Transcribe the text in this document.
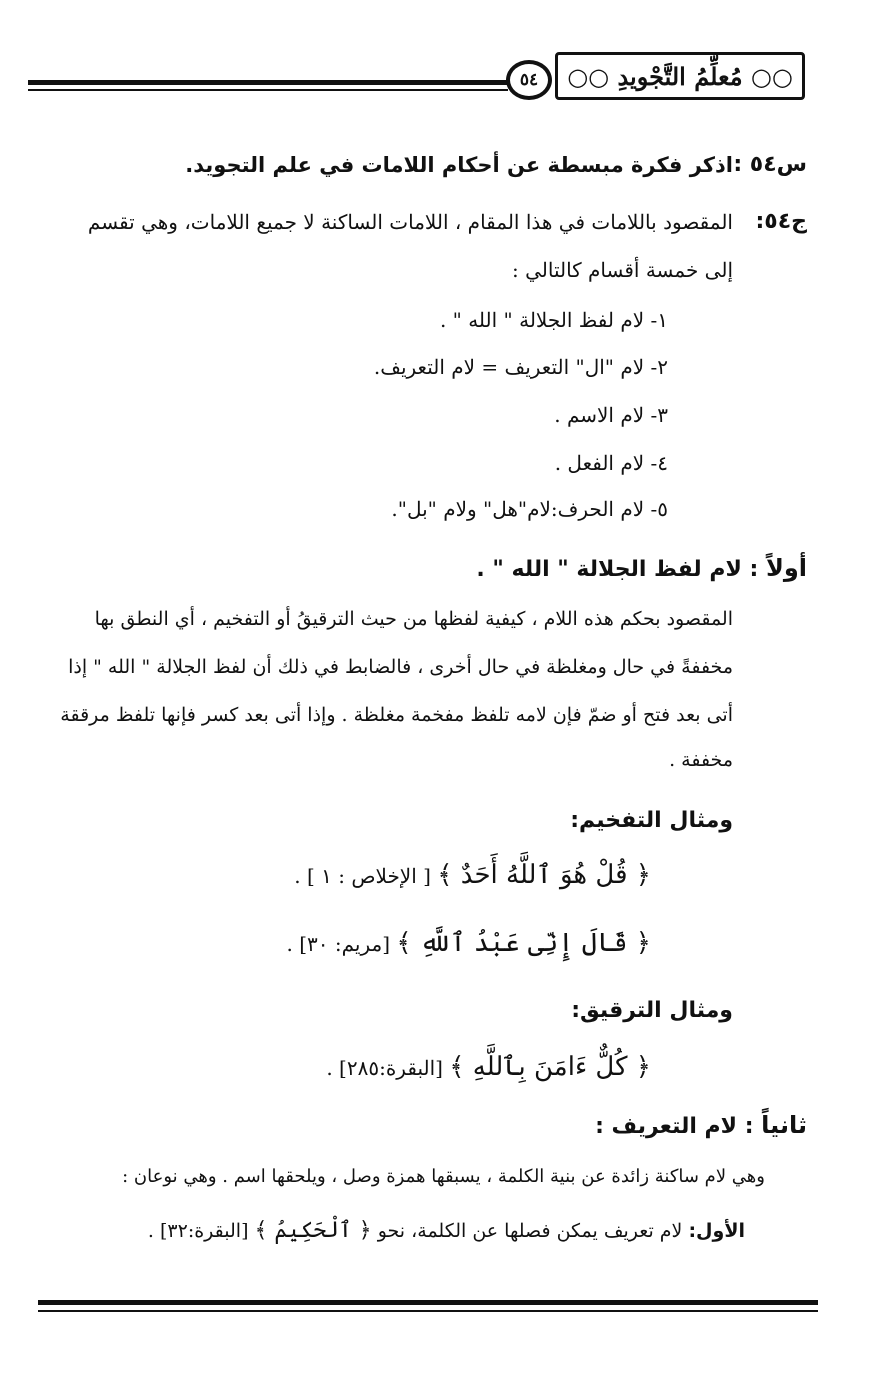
○○ مُعلِّمُ التَّجْويدِ ○○
٥٤
س٥٤ :
اذكر فكرة مبسطة عن أحكام اللامات في علم التجويد.
ج٥٤:
المقصود باللامات في هذا المقام ، اللامات الساكنة لا جميع اللامات، وهي تقسم
إلى خمسة أقسام كالتالي :
١- لام لفظ الجلالة " الله " .
٢- لام "ال" التعريف = لام التعريف.
٣- لام الاسم .
٤- لام الفعل .
٥- لام الحرف:لام"هل" ولام "بل".
أولاً : لام لفظ الجلالة " الله " .
المقصود بحكم هذه اللام ، كيفية لفظها من حيث الترقيقُ أو التفخيم ، أي النطق بها
مخففةً في حال ومغلظة في حال أخرى ، فالضابط في ذلك أن لفظ الجلالة " الله " إذا
أتى بعد فتح أو ضمّ فإن لامه تلفظ مفخمة مغلظة . وإذا أتى بعد كسر فإنها تلفظ مرققة
مخففة .
ومثال التفخيم:
﴿ قُلْ هُوَ ٱللَّهُ أَحَدٌ ﴾ [ الإخلاص : ١ ] .
﴿ قَالَ إِنِّى عَبْدُ ٱللَّهِ ﴾ [مريم: ٣٠] .
ومثال الترقيق:
﴿ كُلٌّ ءَامَنَ بِٱللَّهِ ﴾ [البقرة:٢٨٥] .
ثانياً : لام التعريف :
وهي لام ساكنة زائدة عن بنية الكلمة ، يسبقها همزة وصل ، ويلحقها اسم . وهي نوعان :
الأول: لام تعريف يمكن فصلها عن الكلمة، نحو ﴿ ٱلْحَكِيمُ ﴾ [البقرة:٣٢] .
